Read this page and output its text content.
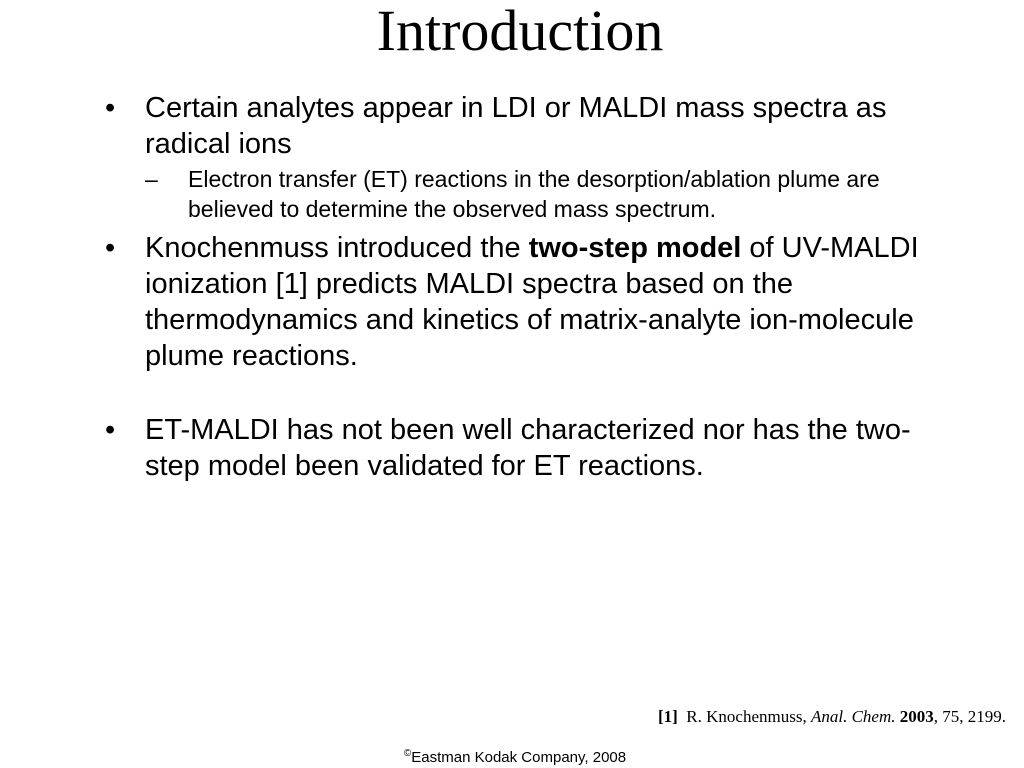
Introduction
• Certain analytes appear in LDI or MALDI mass spectra as radical ions
– Electron transfer (ET) reactions in the desorption/ablation plume are believed to determine the observed mass spectrum.
• Knochenmuss introduced the two-step model of UV-MALDI ionization [1] predicts MALDI spectra based on the thermodynamics and kinetics of matrix-analyte ion-molecule plume reactions.
• ET-MALDI has not been well characterized nor has the two-step model been validated for ET reactions.
[1] R. Knochenmuss, Anal. Chem. 2003, 75, 2199.
©Eastman Kodak Company, 2008
